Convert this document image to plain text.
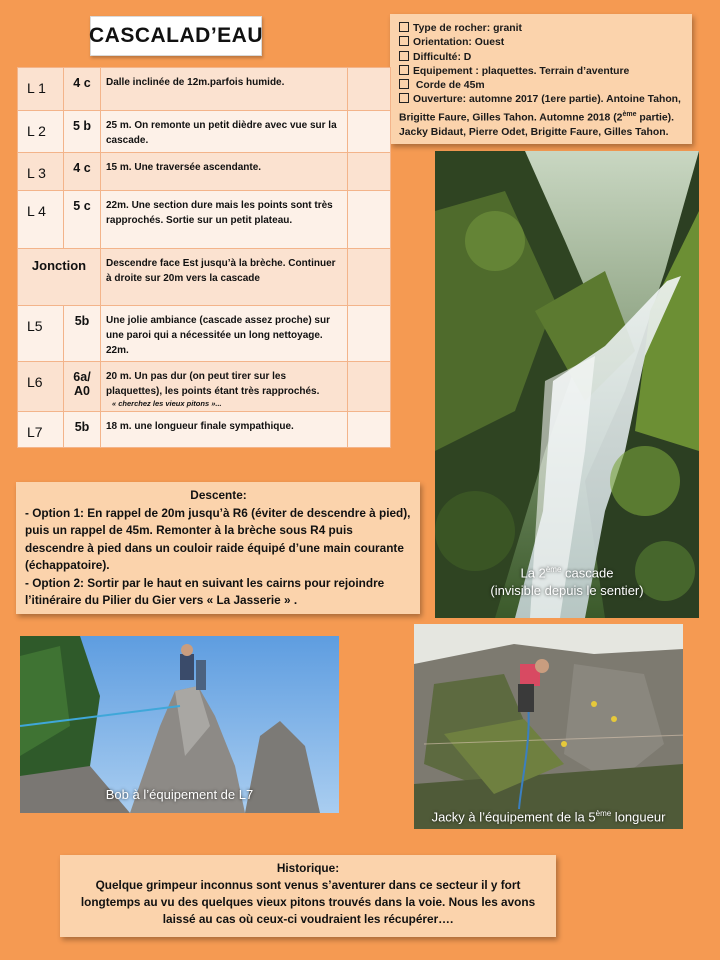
CASCALAD’EAU	Type de rocher: granit
Orientation: Ouest
Difficulté: D
Equipement : plaquettes. Terrain d’aventure
Corde de 45m
Ouverture: automne 2017 (1ere partie). Antoine Tahon,
Brigitte Faure, Gilles Tahon. Automne 2018 (2ème partie).
Jacky Bidaut, Pierre Odet, Brigitte Faure, Gilles Tahon.
L 1	4 c	Dalle inclinée de 12m.parfois humide.	
L 2	5 b	25 m. On remonte un petit dièdre avec vue sur la cascade.	
L 3	4 c	15 m. Une traversée ascendante.	
L 4	5 c	22m. Une section dure mais les points sont très rapprochés. Sortie sur un petit plateau.	
Jonction		Descendre face Est jusqu’à la brèche. Continuer à droite sur 20m vers la cascade	
L5	5b	Une jolie ambiance (cascade assez proche) sur une paroi qui a nécessitée un long nettoyage. 22m.	
L6	6a/ A0	20 m. Un pas dur (on peut tirer sur les plaquettes), les points étant très rapprochés.
« cherchez les vieux pitons »...	

L7	5b	18 m. une longueur finale sympathique.	
La 2ème cascade
(invisible depuis le sentier)
Bob à l’équipement de L7
Jacky à l’équipement de la 5ème longueur
Descente:
- Option 1: En rappel de 20m jusqu’à R6 (éviter de descendre à pied), puis un rappel de 45m. Remonter à la brèche sous R4 puis descendre à pied dans un couloir raide équipé d’une main courante (échappatoire).
- Option 2: Sortir par le haut en suivant les cairns pour rejoindre l’itinéraire du Pilier du Gier vers « La Jasserie » .
Historique:
Quelque grimpeur inconnus sont venus s’aventurer dans ce secteur il y fort longtemps au vu des quelques vieux pitons trouvés dans la voie. Nous les avons laissé au cas où ceux-ci voudraient les récupérer….
